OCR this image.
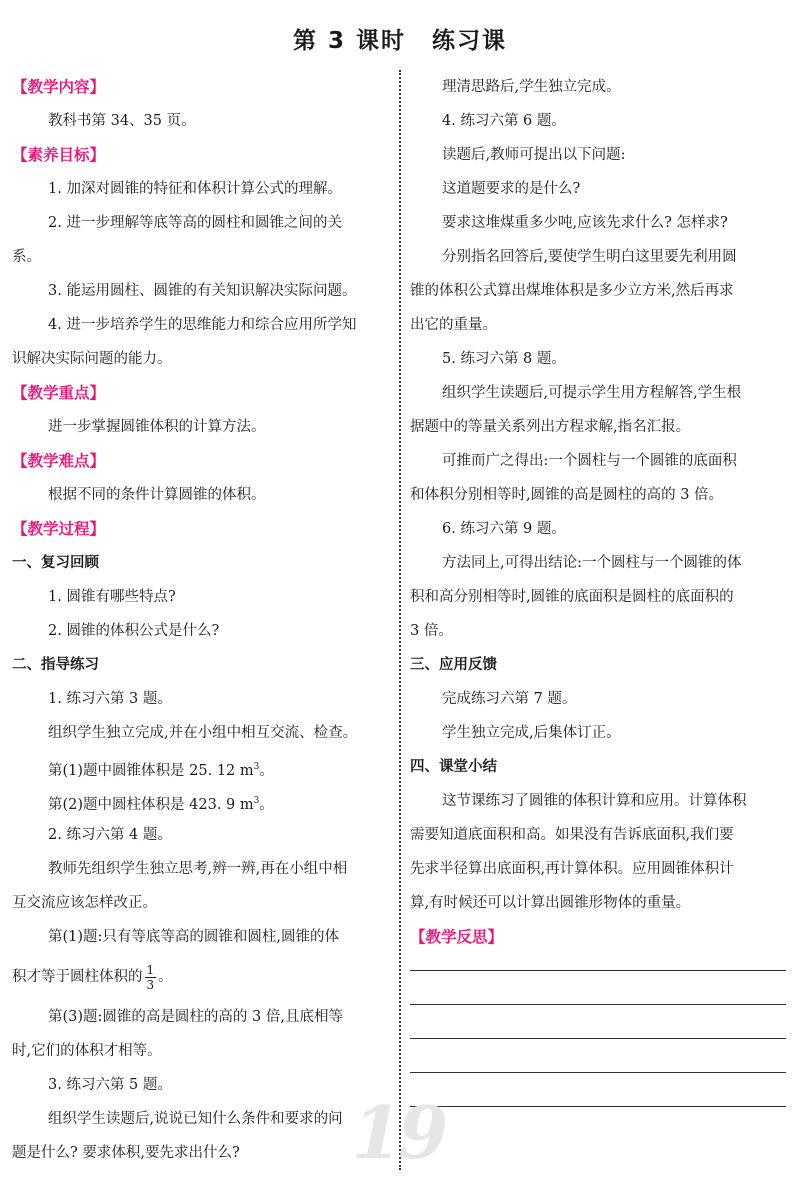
第 3 课时 练习课
【教学内容】
教科书第 34、35 页。
【素养目标】
1. 加深对圆锥的特征和体积计算公式的理解。
2. 进一步理解等底等高的圆柱和圆锥之间的关
系。
3. 能运用圆柱、圆锥的有关知识解决实际问题。
4. 进一步培养学生的思维能力和综合应用所学知
识解决实际问题的能力。
【教学重点】
进一步掌握圆锥体积的计算方法。
【教学难点】
根据不同的条件计算圆锥的体积。
【教学过程】
一、复习回顾
1. 圆锥有哪些特点?
2. 圆锥的体积公式是什么?
二、指导练习
1. 练习六第 3 题。
组织学生独立完成,并在小组中相互交流、检查。
第(1)题中圆锥体积是 25. 12 $m^3$。
第(2)题中圆柱体积是 423. 9 $m^3$。
2. 练习六第 4 题。
教师先组织学生独立思考,辨一辨,再在小组中相
互交流应该怎样改正。
第(1)题:只有等底等高的圆锥和圆柱,圆锥的体
积才等于圆柱体积的 $\frac{1}{3}$ 。
第(3)题:圆锥的高是圆柱的高的 3 倍,且底相等
时,它们的体积才相等。
3. 练习六第 5 题。
组织学生读题后,说说已知什么条件和要求的问
题是什么? 要求体积,要先求出什么?
理清思路后,学生独立完成。
4. 练习六第 6 题。
读题后,教师可提出以下问题:
这道题要求的是什么?
要求这堆煤重多少吨,应该先求什么? 怎样求?
分别指名回答后,要使学生明白这里要先利用圆
锥的体积公式算出煤堆体积是多少立方米,然后再求
出它的重量。
5. 练习六第 8 题。
组织学生读题后,可提示学生用方程解答,学生根
据题中的等量关系列出方程求解,指名汇报。
可推而广之得出:一个圆柱与一个圆锥的底面积
和体积分别相等时,圆锥的高是圆柱的高的 3 倍。
6. 练习六第 9 题。
方法同上,可得出结论:一个圆柱与一个圆锥的体
积和高分别相等时,圆锥的底面积是圆柱的底面积的
3 倍。
三、应用反馈
完成练习六第 7 题。
学生独立完成,后集体订正。
四、课堂小结
这节课练习了圆锥的体积计算和应用。计算体积
需要知道底面积和高。如果没有告诉底面积,我们要
先求半径算出底面积,再计算体积。应用圆锥体积计
算,有时候还可以计算出圆锥形物体的重量。
【教学反思】
19
